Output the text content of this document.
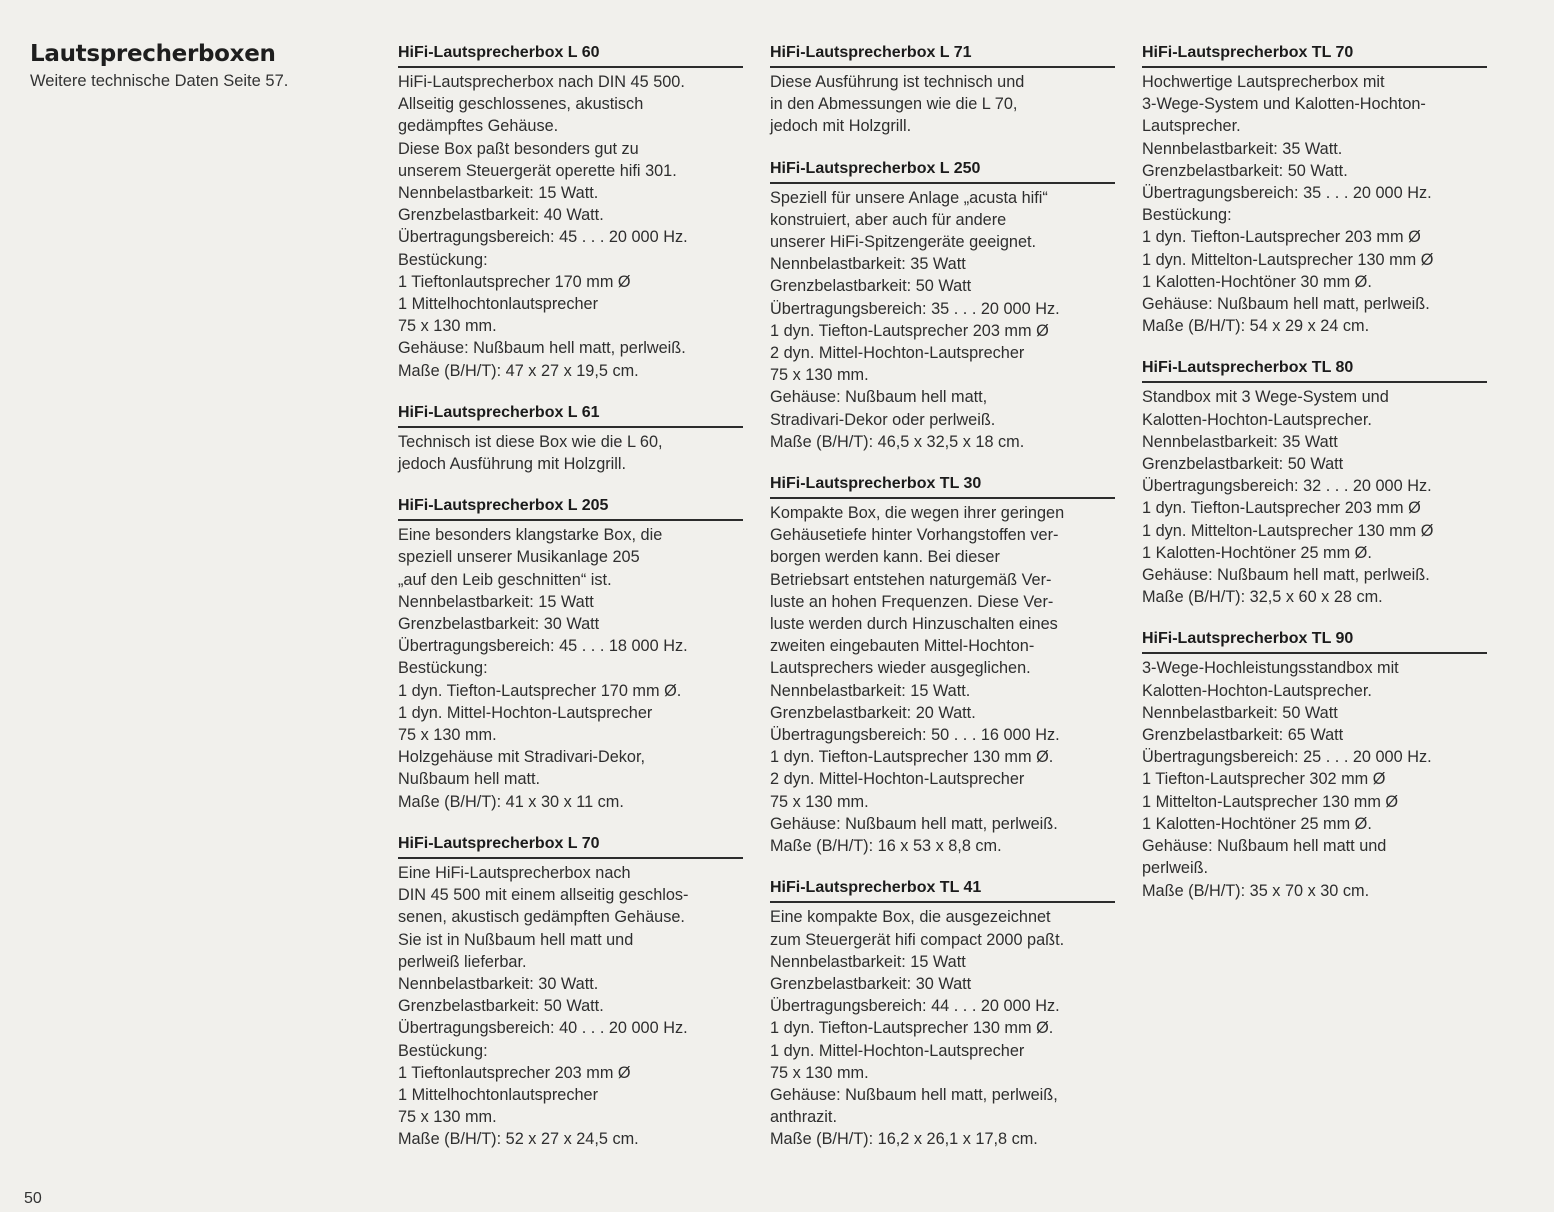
Lautsprecherboxen
Weitere technische Daten Seite 57.
HiFi-Lautsprecherbox L 60
HiFi-Lautsprecherbox nach DIN 45 500.
Allseitig geschlossenes, akustisch
gedämpftes Gehäuse.
Diese Box paßt besonders gut zu
unserem Steuergerät operette hifi 301.
Nennbelastbarkeit: 15 Watt.
Grenzbelastbarkeit: 40 Watt.
Übertragungsbereich: 45 . . . 20 000 Hz.
Bestückung:
1 Tieftonlautsprecher 170 mm Ø
1 Mittelhochtonlautsprecher
75 x 130 mm.
Gehäuse: Nußbaum hell matt, perlweiß.
Maße (B/H/T): 47 x 27 x 19,5 cm.
HiFi-Lautsprecherbox L 61
Technisch ist diese Box wie die L 60,
jedoch Ausführung mit Holzgrill.
HiFi-Lautsprecherbox L 205
Eine besonders klangstarke Box, die
speziell unserer Musikanlage 205
„auf den Leib geschnitten“ ist.
Nennbelastbarkeit: 15 Watt
Grenzbelastbarkeit: 30 Watt
Übertragungsbereich: 45 . . . 18 000 Hz.
Bestückung:
1 dyn. Tiefton-Lautsprecher 170 mm Ø.
1 dyn. Mittel-Hochton-Lautsprecher
75 x 130 mm.
Holzgehäuse mit Stradivari-Dekor,
Nußbaum hell matt.
Maße (B/H/T): 41 x 30 x 11 cm.
HiFi-Lautsprecherbox L 70
Eine HiFi-Lautsprecherbox nach
DIN 45 500 mit einem allseitig geschlos-
senen, akustisch gedämpften Gehäuse.
Sie ist in Nußbaum hell matt und
perlweiß lieferbar.
Nennbelastbarkeit: 30 Watt.
Grenzbelastbarkeit: 50 Watt.
Übertragungsbereich: 40 . . . 20 000 Hz.
Bestückung:
1 Tieftonlautsprecher 203 mm Ø
1 Mittelhochtonlautsprecher
75 x 130 mm.
Maße (B/H/T): 52 x 27 x 24,5 cm.
HiFi-Lautsprecherbox L 71
Diese Ausführung ist technisch und
in den Abmessungen wie die L 70,
jedoch mit Holzgrill.
HiFi-Lautsprecherbox L 250
Speziell für unsere Anlage „acusta hifi“
konstruiert, aber auch für andere
unserer HiFi-Spitzengeräte geeignet.
Nennbelastbarkeit: 35 Watt
Grenzbelastbarkeit: 50 Watt
Übertragungsbereich: 35 . . . 20 000 Hz.
1 dyn. Tiefton-Lautsprecher 203 mm Ø
2 dyn. Mittel-Hochton-Lautsprecher
75 x 130 mm.
Gehäuse: Nußbaum hell matt,
Stradivari-Dekor oder perlweiß.
Maße (B/H/T): 46,5 x 32,5 x 18 cm.
HiFi-Lautsprecherbox TL 30
Kompakte Box, die wegen ihrer geringen
Gehäusetiefe hinter Vorhangstoffen ver-
borgen werden kann. Bei dieser
Betriebsart entstehen naturgemäß Ver-
luste an hohen Frequenzen. Diese Ver-
luste werden durch Hinzuschalten eines
zweiten eingebauten Mittel-Hochton-
Lautsprechers wieder ausgeglichen.
Nennbelastbarkeit: 15 Watt.
Grenzbelastbarkeit: 20 Watt.
Übertragungsbereich: 50 . . . 16 000 Hz.
1 dyn. Tiefton-Lautsprecher 130 mm Ø.
2 dyn. Mittel-Hochton-Lautsprecher
75 x 130 mm.
Gehäuse: Nußbaum hell matt, perlweiß.
Maße (B/H/T): 16 x 53 x 8,8 cm.
HiFi-Lautsprecherbox TL 41
Eine kompakte Box, die ausgezeichnet
zum Steuergerät hifi compact 2000 paßt.
Nennbelastbarkeit: 15 Watt
Grenzbelastbarkeit: 30 Watt
Übertragungsbereich: 44 . . . 20 000 Hz.
1 dyn. Tiefton-Lautsprecher 130 mm Ø.
1 dyn. Mittel-Hochton-Lautsprecher
75 x 130 mm.
Gehäuse: Nußbaum hell matt, perlweiß,
anthrazit.
Maße (B/H/T): 16,2 x 26,1 x 17,8 cm.
HiFi-Lautsprecherbox TL 70
Hochwertige Lautsprecherbox mit
3-Wege-System und Kalotten-Hochton-
Lautsprecher.
Nennbelastbarkeit: 35 Watt.
Grenzbelastbarkeit: 50 Watt.
Übertragungsbereich: 35 . . . 20 000 Hz.
Bestückung:
1 dyn. Tiefton-Lautsprecher 203 mm Ø
1 dyn. Mittelton-Lautsprecher 130 mm Ø
1 Kalotten-Hochtöner 30 mm Ø.
Gehäuse: Nußbaum hell matt, perlweiß.
Maße (B/H/T): 54 x 29 x 24 cm.
HiFi-Lautsprecherbox TL 80
Standbox mit 3 Wege-System und
Kalotten-Hochton-Lautsprecher.
Nennbelastbarkeit: 35 Watt
Grenzbelastbarkeit: 50 Watt
Übertragungsbereich: 32 . . . 20 000 Hz.
1 dyn. Tiefton-Lautsprecher 203 mm Ø
1 dyn. Mittelton-Lautsprecher 130 mm Ø
1 Kalotten-Hochtöner 25 mm Ø.
Gehäuse: Nußbaum hell matt, perlweiß.
Maße (B/H/T): 32,5 x 60 x 28 cm.
HiFi-Lautsprecherbox TL 90
3-Wege-Hochleistungsstandbox mit
Kalotten-Hochton-Lautsprecher.
Nennbelastbarkeit: 50 Watt
Grenzbelastbarkeit: 65 Watt
Übertragungsbereich: 25 . . . 20 000 Hz.
1 Tiefton-Lautsprecher 302 mm Ø
1 Mittelton-Lautsprecher 130 mm Ø
1 Kalotten-Hochtöner 25 mm Ø.
Gehäuse: Nußbaum hell matt und
perlweiß.
Maße (B/H/T): 35 x 70 x 30 cm.
50
